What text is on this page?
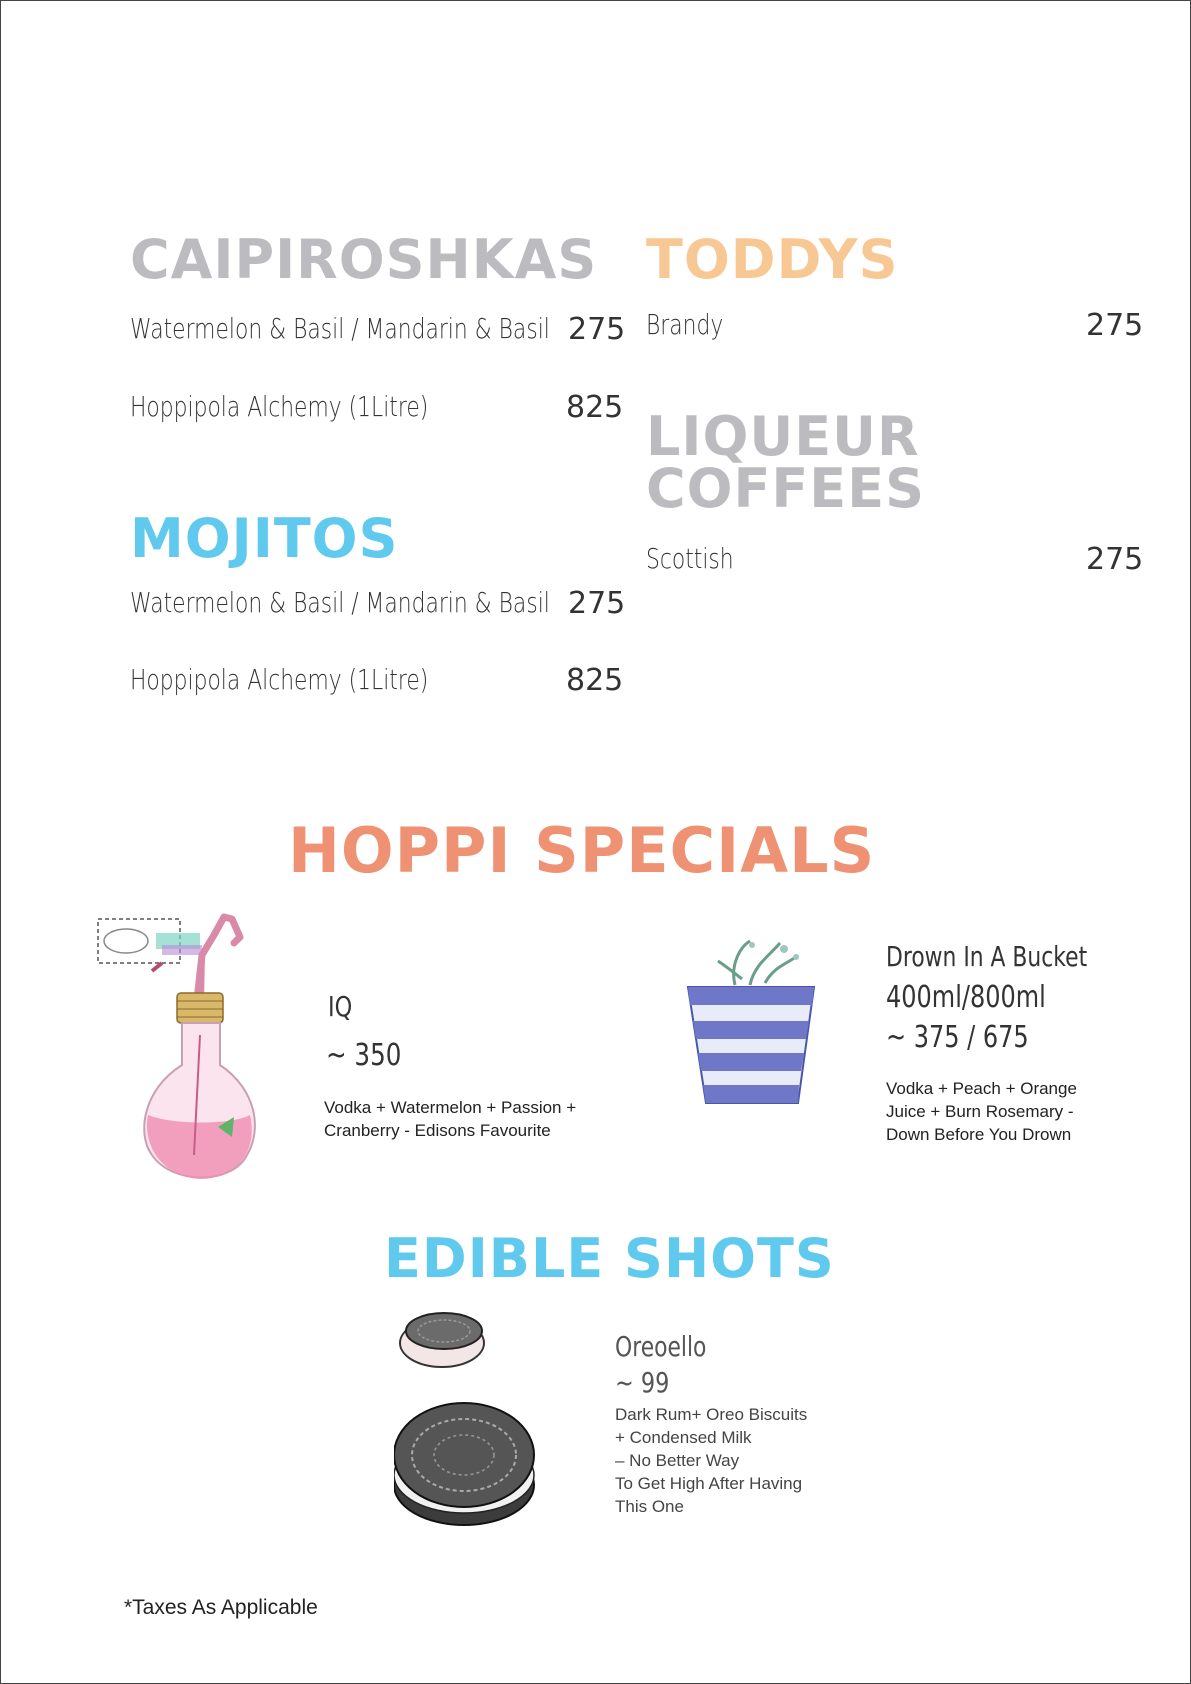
CAIPIROSHKAS
Watermelon & Basil / Mandarin & Basil 275
Hoppipola Alchemy (1Litre)	825
MOJITOS
Watermelon & Basil / Mandarin & Basil 275
Hoppipola Alchemy (1Litre)	825
TODDYS
Brandy	275
LIQUEUR
COFFEES
Scottish	275
HOPPI SPECIALS
IQ
~ 350
Vodka + Watermelon + Passion +
Cranberry - Edisons Favourite
Drown In A Bucket
400ml/800ml
~ 375 / 675
Vodka + Peach + Orange
Juice + Burn Rosemary -
Down Before You Drown
EDIBLE SHOTS
Oreoello
~ 99
Dark Rum+ Oreo Biscuits
+ Condensed Milk
– No Better Way
To Get High After Having
This One
*Taxes As Applicable
